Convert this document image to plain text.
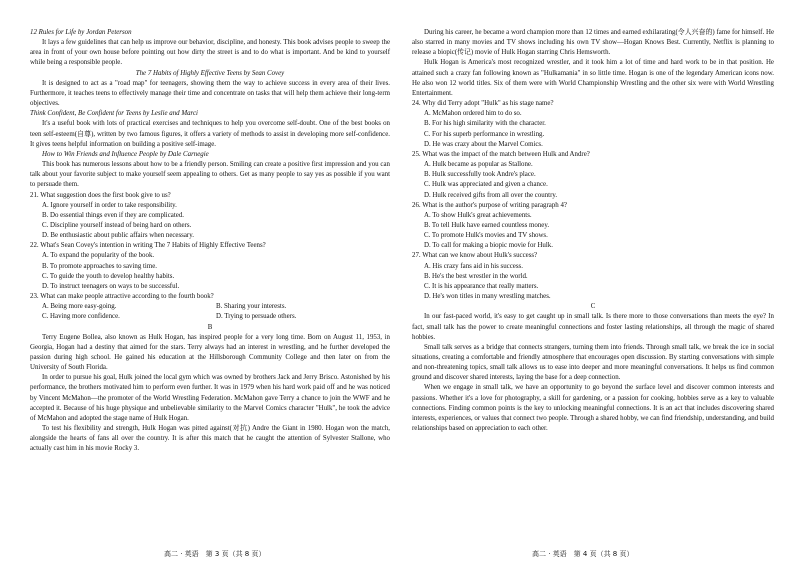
12 Rules for Life by Jordan Peterson

It lays a few guidelines that can help us improve our behavior, discipline, and honesty. This book advises people to sweep the area in front of your own house before pointing out how dirty the street is and to do what is important. And be kind to yourself while being a responsible people.

The 7 Habits of Highly Effective Teens by Sean Covey

It is designed to act as a "road map" for teenagers, showing them the way to achieve success in every area of their lives. Furthermore, it teaches teens to effectively manage their time and concentrate on tasks that will help them achieve their long-term objectives.

Think Confident, Be Confident for Teens by Leslie and Marci

It's a useful book with lots of practical exercises and techniques to help you overcome self-doubt. One of the best books on teen self-esteem(自尊), written by two famous figures, it offers a variety of methods to assist in developing more self-confidence. It gives teens helpful information on building a positive self-image.

How to Win Friends and Influence People by Dale Carnegie

This book has numerous lessons about how to be a friendly person. Smiling can create a positive first impression and you can talk about your favorite subject to make yourself seem appealing to others. Get as many people to say yes as possible if you want to persuade them.

21. What suggestion does the first book give to us?

A. Ignore yourself in order to take responsibility.

B. Do essential things even if they are complicated.

C. Discipline yourself instead of being hard on others.

D. Be enthusiastic about public affairs when necessary.

22. What's Sean Covey's intention in writing The 7 Habits of Highly Effective Teens?

A. To expand the popularity of the book.

B. To promote approaches to saving time.

C. To guide the youth to develop healthy habits.

D. To instruct teenagers on ways to be successful.

23. What can make people attractive according to the fourth book?

A. Being more easy-going.	B. Sharing your interests.
C. Having more confidence.	D. Trying to persuade others.

B

Terry Eugene Bollea, also known as Hulk Hogan, has inspired people for a very long time. Born on August 11, 1953, in Georgia, Hogan had a destiny that aimed for the stars. Terry always had an interest in wrestling, and he further developed the passion during high school. He gained his education at the Hillsborough Community College and then later on from the University of South Florida.

In order to pursue his goal, Hulk joined the local gym which was owned by brothers Jack and Jerry Brisco. Astonished by his performance, the brothers motivated him to perform even further. It was in 1979 when his hard work paid off and he was noticed by Vincent McMahon—the promoter of the World Wrestling Federation. McMahon gave Terry a chance to join the WWF and he accepted it. Because of his huge physique and unbelievable similarity to the Marvel Comics character "Hulk", he took the advice of McMahon and adopted the stage name of Hulk Hogan.

To test his flexibility and strength, Hulk Hogan was pitted against(对抗) Andre the Giant in 1980. Hogan won the match, alongside the hearts of fans all over the country. It is after this match that he caught the attention of Sylvester Stallone, who actually cast him in his movie Rocky 3.

During his career, he became a word champion more than 12 times and earned exhilarating(令人兴奋的) fame for himself. He also starred in many movies and TV shows including his own TV show—Hogan Knows Best. Currently, Netflix is planning to release a biopic(传记) movie of Hulk Hogan starring Chris Hemsworth.

Hulk Hogan is America's most recognized wrestler, and it took him a lot of time and hard work to be in that position. He attained such a crazy fan following known as "Hulkamania" in so little time. Hogan is one of the legendary American icons now. He also won 12 world titles. Six of them were with World Championship Wrestling and the other six were with World Wrestling Entertainment.

24. Why did Terry adopt "Hulk" as his stage name?

A. McMahon ordered him to do so.

B. For his high similarity with the character.

C. For his superb performance in wrestling.

D. He was crazy about the Marvel Comics.

25. What was the impact of the match between Hulk and Andre?

A. Hulk became as popular as Stallone.

B. Hulk successfully took Andre's place.

C. Hulk was appreciated and given a chance.

D. Hulk received gifts from all over the country.

26. What is the author's purpose of writing paragraph 4?

A. To show Hulk's great achievements.

B. To tell Hulk have earned countless money.

C. To promote Hulk's movies and TV shows.

D. To call for making a biopic movie for Hulk.

27. What can we know about Hulk's success?

A. His crazy fans aid in his success.

B. He's the best wrestler in the world.

C. It is his appearance that really matters.

D. He's won titles in many wrestling matches.

C

In our fast-paced world, it's easy to get caught up in small talk. Is there more to those conversations than meets the eye? In fact, small talk has the power to create meaningful connections and foster lasting relationships, all through the magic of shared hobbies.

Small talk serves as a bridge that connects strangers, turning them into friends. Through small talk, we break the ice in social situations, creating a comfortable and friendly atmosphere that encourages open discussion. By starting conversations with simple and non-threatening topics, small talk allows us to ease into deeper and more meaningful conversations. It helps us find common ground and discover shared interests, laying the base for a deep connection.

When we engage in small talk, we have an opportunity to go beyond the surface level and discover common interests and passions. Whether it's a love for photography, a skill for gardening, or a passion for cooking, hobbies serve as a key to valuable connections. Finding common points is the key to unlocking meaningful connections. It is an act that includes discovering shared interests, experiences, or values that connect two people. Through a shared hobby, we can find friendship, understanding, and build relationships based on appreciation to each other.

高二 · 英语　第 3 页（共 8 页）	高二 · 英语　第 4 页（共 8 页）
